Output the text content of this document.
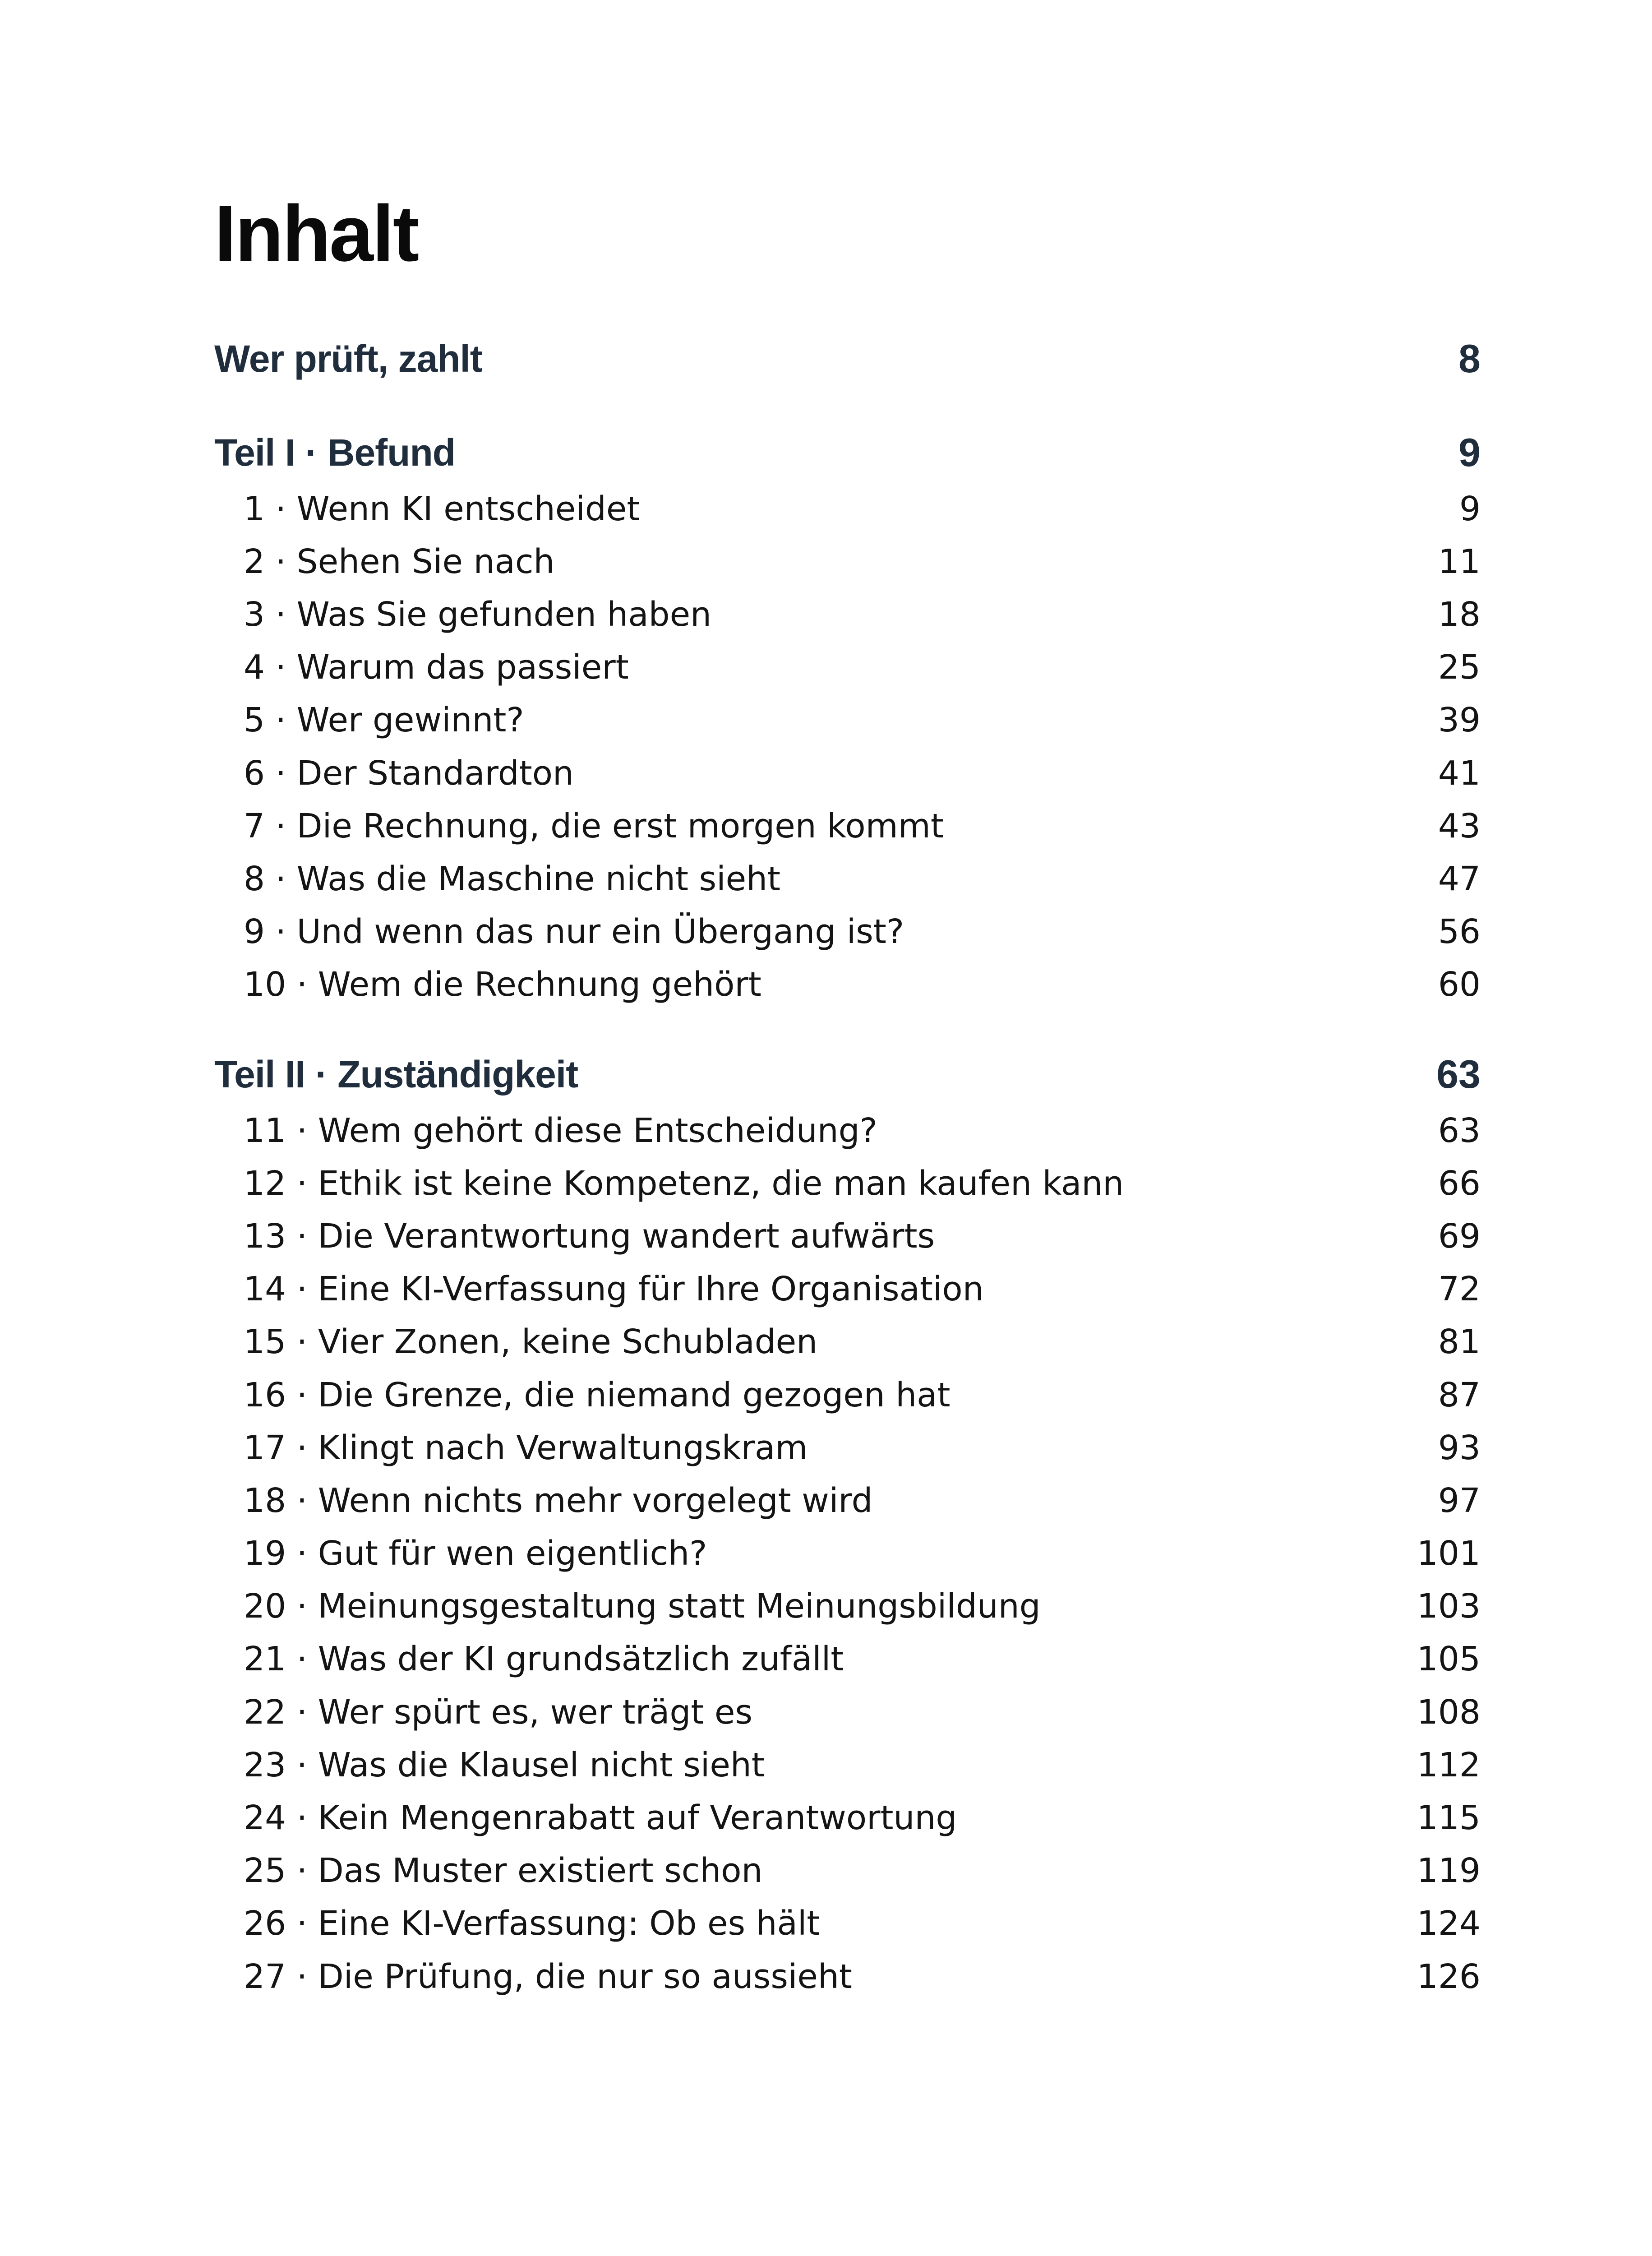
Inhalt
Wer prüft, zahlt	8
Teil I · Befund	9
1 · Wenn KI entscheidet	9
2 · Sehen Sie nach	11
3 · Was Sie gefunden haben	18
4 · Warum das passiert	25
5 · Wer gewinnt?	39
6 · Der Standardton	41
7 · Die Rechnung, die erst morgen kommt	43
8 · Was die Maschine nicht sieht	47
9 · Und wenn das nur ein Übergang ist?	56
10 · Wem die Rechnung gehört	60
Teil II · Zuständigkeit	63
11 · Wem gehört diese Entscheidung?	63
12 · Ethik ist keine Kompetenz, die man kaufen kann	66
13 · Die Verantwortung wandert aufwärts	69
14 · Eine KI-Verfassung für Ihre Organisation	72
15 · Vier Zonen, keine Schubladen	81
16 · Die Grenze, die niemand gezogen hat	87
17 · Klingt nach Verwaltungskram	93
18 · Wenn nichts mehr vorgelegt wird	97
19 · Gut für wen eigentlich?	101
20 · Meinungsgestaltung statt Meinungsbildung	103
21 · Was der KI grundsätzlich zufällt	105
22 · Wer spürt es, wer trägt es	108
23 · Was die Klausel nicht sieht	112
24 · Kein Mengenrabatt auf Verantwortung	115
25 · Das Muster existiert schon	119
26 · Eine KI-Verfassung: Ob es hält	124
27 · Die Prüfung, die nur so aussieht	126
